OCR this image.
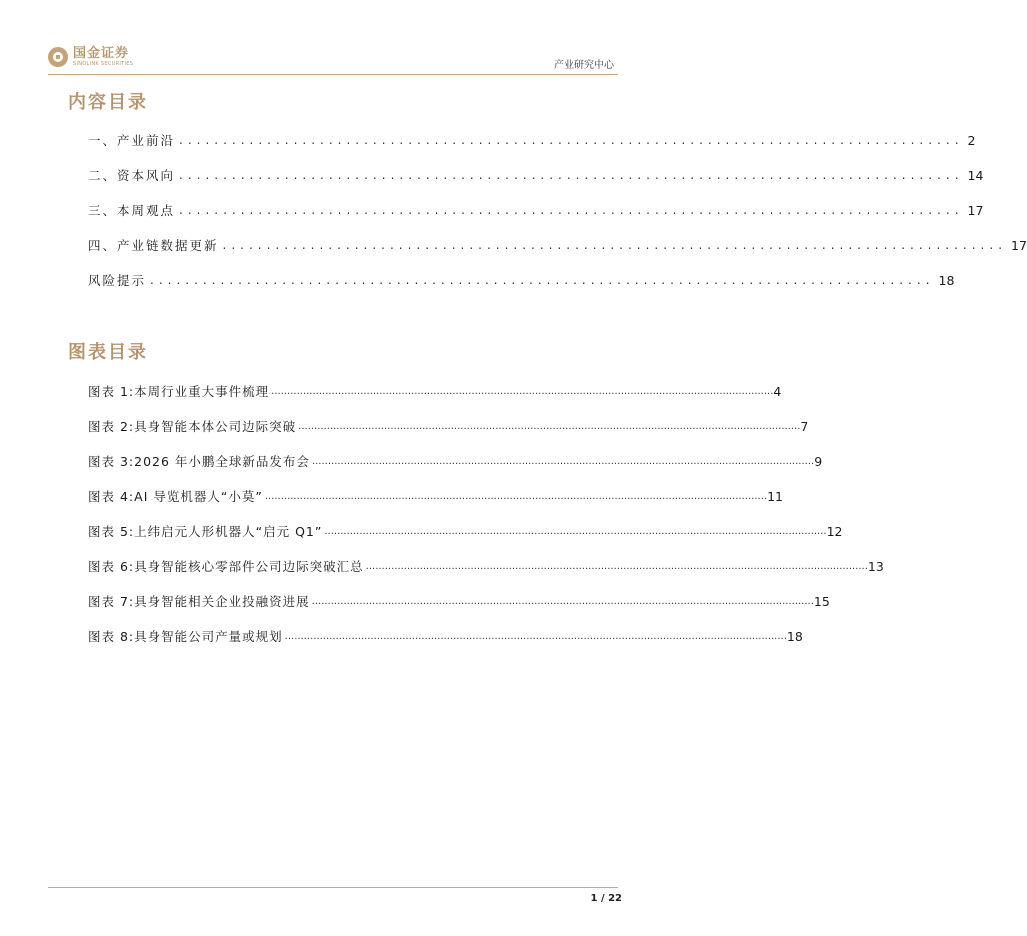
国金证券
SINOLINK SECURITIES	产业研究中心
内容目录
一、产业前沿 ......................................................................................... 2
二、资本风向 ......................................................................................... 14
三、本周观点 ......................................................................................... 17
四、产业链数据更新 ......................................................................................... 17
风险提示 ......................................................................................... 18
图表目录
图表 1: 本周行业重大事件梳理 .............................................................................................................................................................. 4
图表 2: 具身智能本体公司边际突破 .............................................................................................................................................................. 7
图表 3: 2026 年小鹏全球新品发布会 .............................................................................................................................................................. 9
图表 4: AI 导览机器人“小莫” .............................................................................................................................................................. 11
图表 5: 上纬启元人形机器人“启元 Q1” .............................................................................................................................................................. 12
图表 6: 具身智能核心零部件公司边际突破汇总 .............................................................................................................................................................. 13
图表 7: 具身智能相关企业投融资进展 .............................................................................................................................................................. 15
图表 8: 具身智能公司产量或规划 .............................................................................................................................................................. 18
1 / 22
